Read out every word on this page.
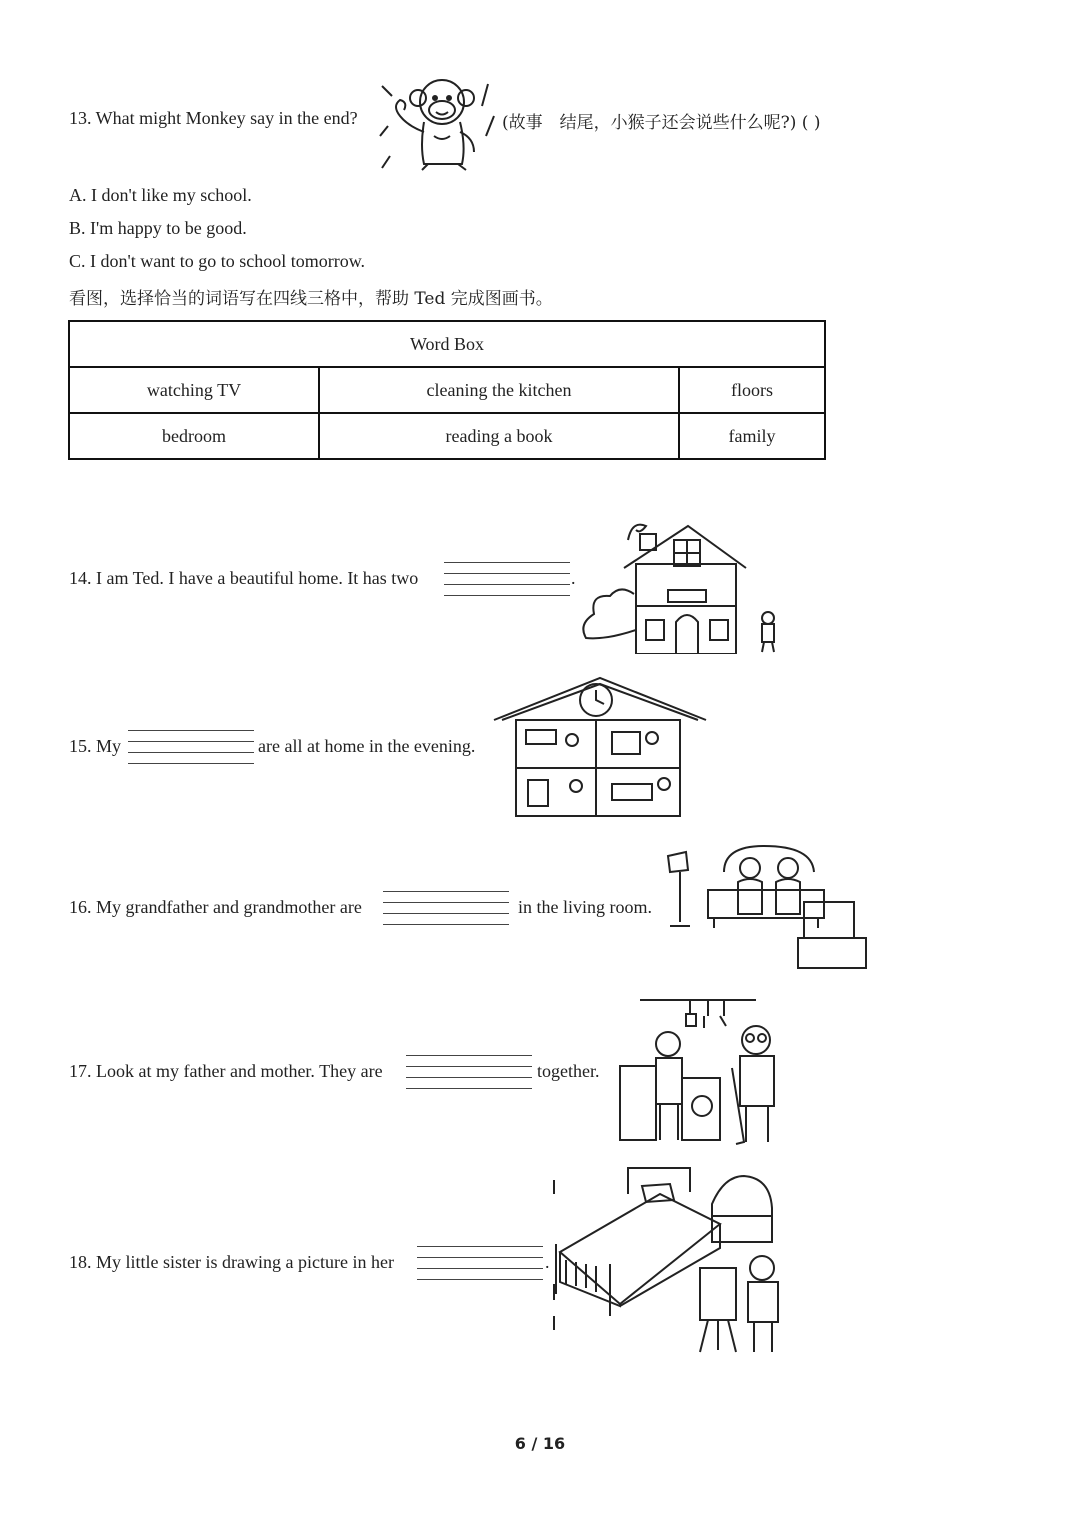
13. What might Monkey say in the end?	(故事　结尾，小猴子还会说些什么呢?) ( )
A. I don't like my school.
B. I'm happy to be good.
C. I don't want to go to school tomorrow.
看图，选择恰当的词语写在四线三格中，帮助 Ted 完成图画书。
Word Box		
watching TV	cleaning the kitchen	floors
bedroom	reading a book	family
14. I am Ted. I have a beautiful home. It has two	.
15. My	are all at home in the evening.
16. My grandfather and grandmother are	in the living room.
17. Look at my father and mother. They are	together.
18. My little sister is drawing a picture in her	.
6 / 16
